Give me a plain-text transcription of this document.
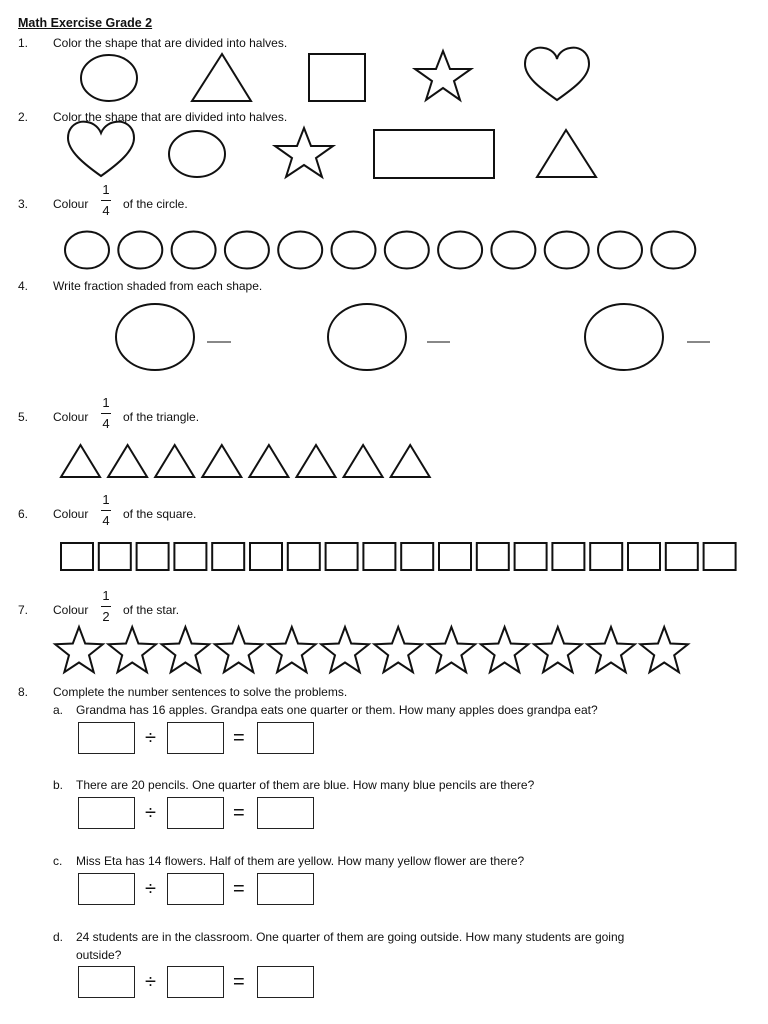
Math Exercise Grade 2
1. Color the shape that are divided into halves.
2. Color the shape that are divided into halves.
3. Colour
1
4 of the circle.
4. Write fraction shaded from each shape.
5. Colour
1
4 of the triangle.
6. Colour
1
4 of the square.
7. Colour
1
2 of the star.
8. Complete the number sentences to solve the problems.
a. Grandma has 16 apples. Grandpa eats one quarter or them. How many apples does grandpa eat?
b. There are 20 pencils. One quarter of them are blue. How many blue pencils are there?
c. Miss Eta has 14 flowers. Half of them are yellow. How many yellow flower are there?
d. 24 students are in the classroom. One quarter of them are going outside. How many students are going
outside?
÷	=
÷	=
÷	=
÷	=
